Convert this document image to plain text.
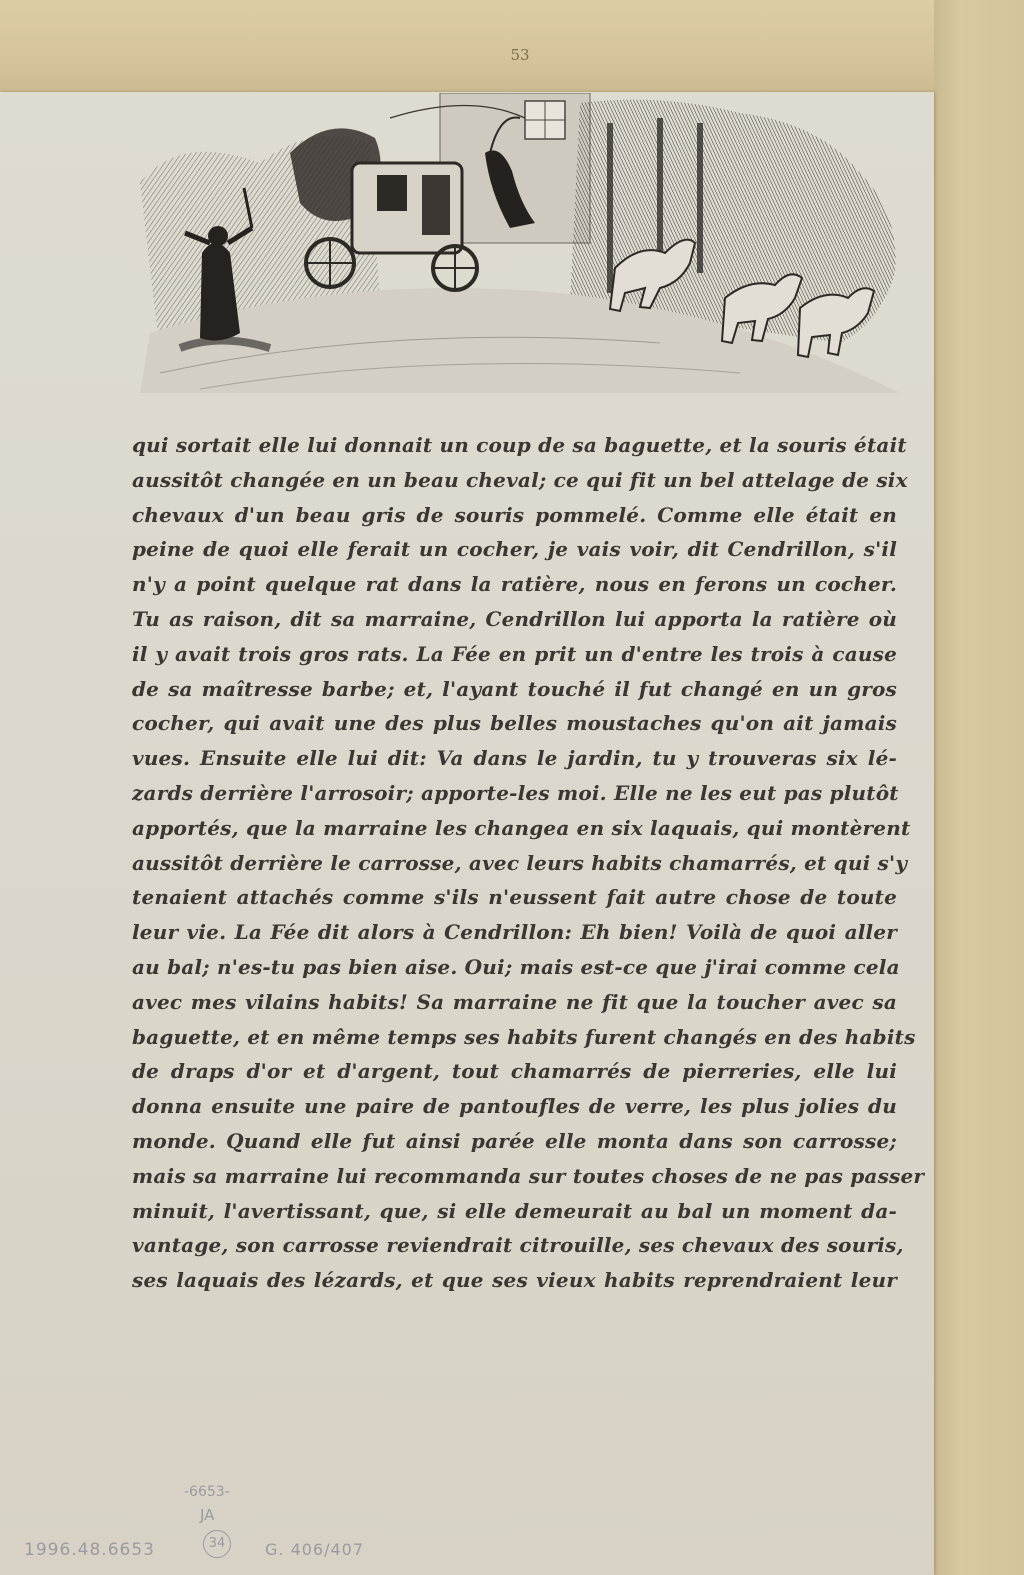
53
qui sortait elle lui donnait un coup de sa baguette, et la souris était
aussitôt changée en un beau cheval; ce qui fit un bel attelage de six
chevaux d'un beau gris de souris pommelé. Comme elle était en
peine de quoi elle ferait un cocher, je vais voir, dit Cendrillon, s'il
n'y a point quelque rat dans la ratière, nous en ferons un cocher.
Tu as raison, dit sa marraine, Cendrillon lui apporta la ratière où
il y avait trois gros rats. La Fée en prit un d'entre les trois à cause
de sa maîtresse barbe; et, l'ayant touché il fut changé en un gros
cocher, qui avait une des plus belles moustaches qu'on ait jamais
vues. Ensuite elle lui dit: Va dans le jardin, tu y trouveras six lé-
zards derrière l'arrosoir; apporte-les moi. Elle ne les eut pas plutôt
apportés, que la marraine les changea en six laquais, qui montèrent
aussitôt derrière le carrosse, avec leurs habits chamarrés, et qui s'y
tenaient attachés comme s'ils n'eussent fait autre chose de toute
leur vie. La Fée dit alors à Cendrillon: Eh bien! Voilà de quoi aller
au bal; n'es-tu pas bien aise. Oui; mais est-ce que j'irai comme cela
avec mes vilains habits! Sa marraine ne fit que la toucher avec sa
baguette, et en même temps ses habits furent changés en des habits
de draps d'or et d'argent, tout chamarrés de pierreries, elle lui
donna ensuite une paire de pantoufles de verre, les plus jolies du
monde. Quand elle fut ainsi parée elle monta dans son carrosse;
mais sa marraine lui recommanda sur toutes choses de ne pas passer
minuit, l'avertissant, que, si elle demeurait au bal un moment da-
vantage, son carrosse reviendrait citrouille, ses chevaux des souris,
ses laquais des lézards, et que ses vieux habits reprendraient leur
-6653-
JA
1996.48.6653	34	G. 406/407
